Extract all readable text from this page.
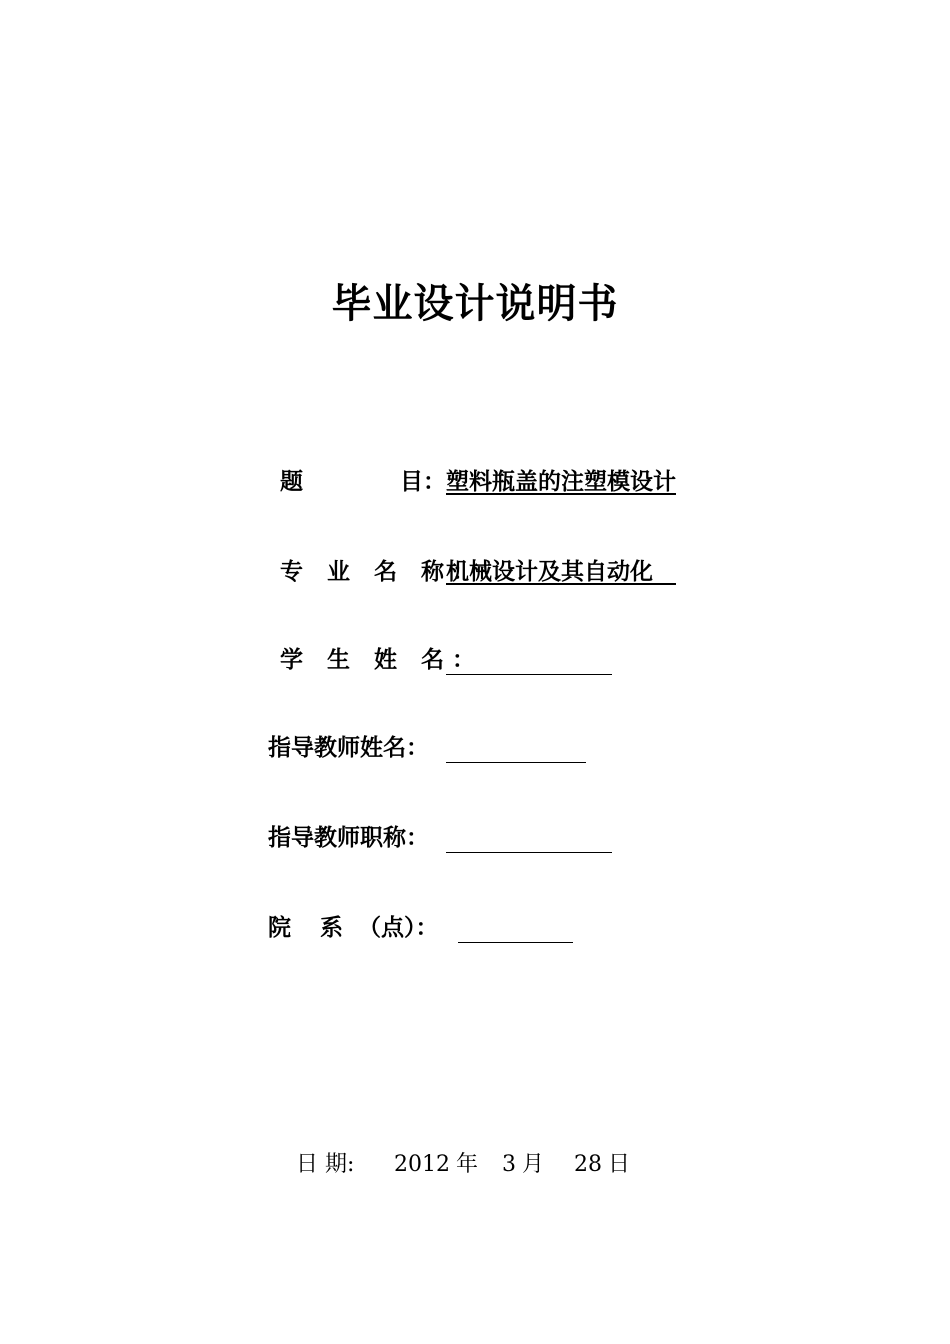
毕业设计说明书
题	目：塑料瓶盖的注塑模设计
专 业 名 称：机械设计及其自动化　
学 生 姓 名：
指导教师姓名：
指导教师职称：
院 系 （点）：
日 期: 2012 年 3 月 28 日
